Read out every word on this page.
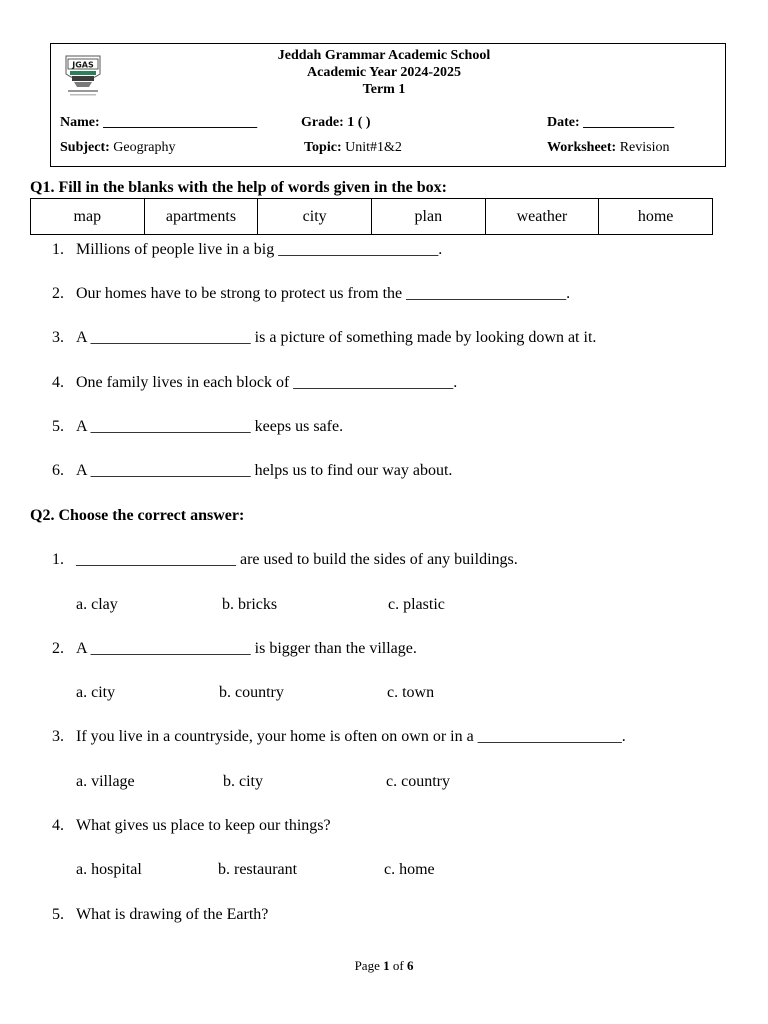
JGAS
Jeddah Grammar Academic School
Academic Year 2024-2025
Term 1
Name: ______________________	Grade: 1 ( )	Date: _____________
Subject: Geography	Topic: Unit#1&2	Worksheet: Revision
Q1. Fill in the blanks with the help of words given in the box:
map	apartments	city	plan	weather	home
1. Millions of people live in a big ____________________.
2. Our homes have to be strong to protect us from the ____________________.
3. A ____________________ is a picture of something made by looking down at it.
4. One family lives in each block of ____________________.
5. A ____________________ keeps us safe.
6. A ____________________ helps us to find our way about.
Q2. Choose the correct answer:
1. ____________________ are used to build the sides of any buildings.
a. clay	b. bricks	c. plastic
2. A ____________________ is bigger than the village.
a. city	b. country	c. town
3. If you live in a countryside, your home is often on own or in a __________________.
a. village	b. city	c. country
4. What gives us place to keep our things?
a. hospital	b. restaurant	c. home
5. What is drawing of the Earth?
Page 1 of 6
